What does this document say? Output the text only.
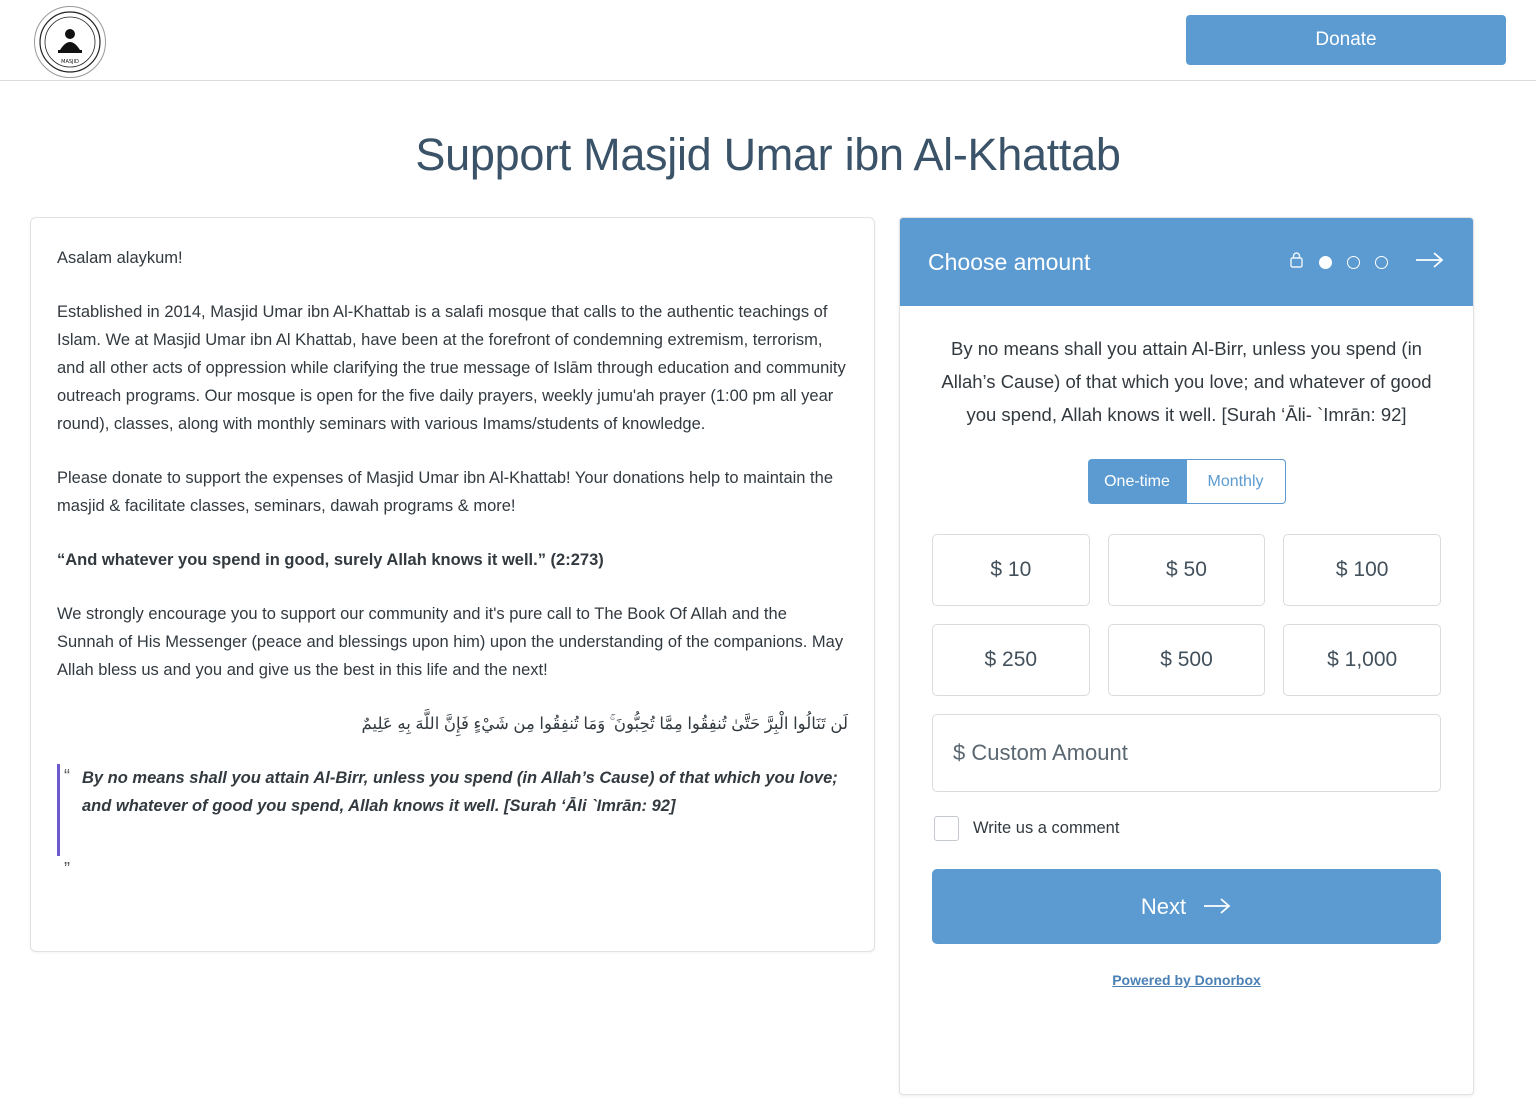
MASJID
Donate
Support Masjid Umar ibn Al-Khattab

Asalam alaykum!

Established in 2014, Masjid Umar ibn Al-Khattab is a salafi mosque that calls to the authentic teachings of Islam. We at Masjid Umar ibn Al Khattab, have been at the forefront of condemning extremism, terrorism, and all other acts of oppression while clarifying the true message of Islām through education and community outreach programs. Our mosque is open for the five daily prayers, weekly jumu'ah prayer (1:00 pm all year round), classes, along with monthly seminars with various Imams/students of knowledge.

Please donate to support the expenses of Masjid Umar ibn Al-Khattab! Your donations help to maintain the masjid & facilitate classes, seminars, dawah programs & more!

“And whatever you spend in good, surely Allah knows it well.” (2:273)

We strongly encourage you to support our community and it's pure call to The Book Of Allah and the Sunnah of His Messenger (peace and blessings upon him) upon the understanding of the companions. May Allah bless us and you and give us the best in this life and the next!

لَن تَنَالُوا الْبِرَّ حَتَّىٰ تُنفِقُوا مِمَّا تُحِبُّونَ ۚ وَمَا تُنفِقُوا مِن شَيْءٍ فَإِنَّ اللَّهَ بِهِ عَلِيمٌ

“ By no means shall you attain Al-Birr, unless you spend (in Allah’s Cause) of that which you love; and whatever of good you spend, Allah knows it well. [Surah ‘Āli `Imrān: 92]
”
Choose amount

By no means shall you attain Al-Birr, unless you spend (in Allah’s Cause) of that which you love; and whatever of good you spend, Allah knows it well. [Surah ‘Āli- `Imrān: 92]

One-time	Monthly
$ 10	$ 50	$ 100
$ 250	$ 500	$ 1,000
$ Custom Amount
Write us a comment
Next
Powered by Donorbox
